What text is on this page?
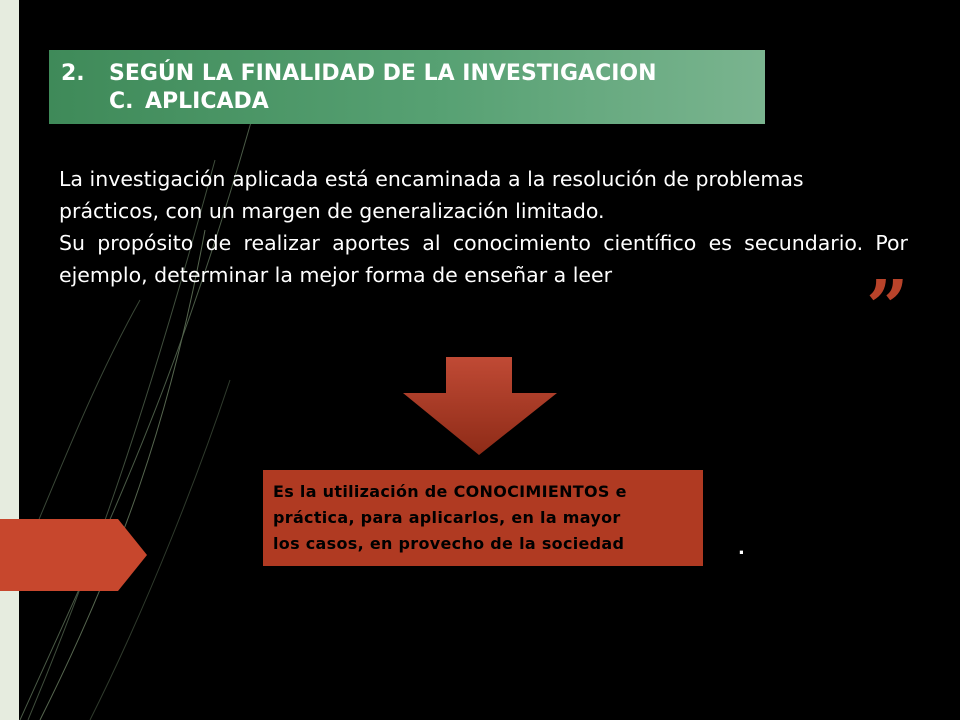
2. SEGÚN LA FINALIDAD DE LA INVESTIGACION
C. APLICADA

La investigación aplicada está encaminada a la resolución de problemas

prácticos, con un margen de generalización limitado.

Su propósito de realizar aportes al conocimiento científico es secundario. Por ejemplo, determinar la mejor forma de enseñar a leer	”
Es la utilización de CONOCIMIENTOS e
práctica, para aplicarlos, en la mayor
los casos, en provecho de la sociedad	.
